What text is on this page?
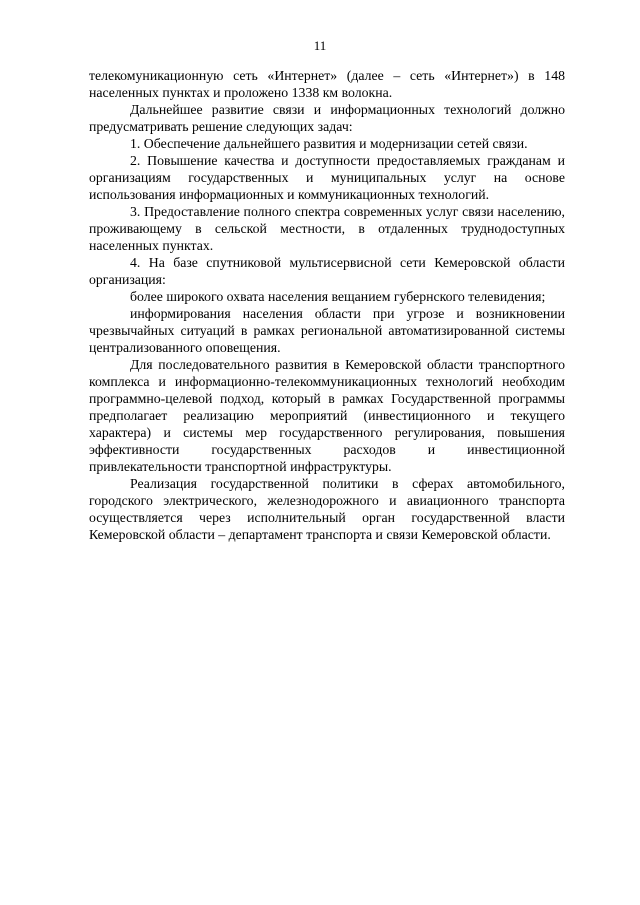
11

телекомуникационную сеть «Интернет» (далее – сеть «Интернет») в 148 населенных пунктах и проложено 1338 км волокна.

Дальнейшее развитие связи и информационных технологий должно предусматривать решение следующих задач:

1. Обеспечение дальнейшего развития и модернизации сетей связи.

2. Повышение качества и доступности предоставляемых гражданам и организациям государственных и муниципальных услуг на основе использования информационных и коммуникационных технологий.

3. Предоставление полного спектра современных услуг связи населению, проживающему в сельской местности, в отдаленных труднодоступных населенных пунктах.

4. На базе спутниковой мультисервисной сети Кемеровской области организация:

более широкого охвата населения вещанием губернского телевидения;

информирования населения области при угрозе и возникновении чрезвычайных ситуаций в рамках региональной автоматизированной системы централизованного оповещения.

Для последовательного развития в Кемеровской области транспортного комплекса и информационно-телекоммуникационных технологий необходим программно-целевой подход, который в рамках Государственной программы предполагает реализацию мероприятий (инвестиционного и текущего характера) и системы мер государственного регулирования, повышения эффективности государственных расходов и инвестиционной привлекательности транспортной инфраструктуры.

Реализация государственной политики в сферах автомобильного, городского электрического, железнодорожного и авиационного транспорта осуществляется через исполнительный орган государственной власти Кемеровской области – департамент транспорта и связи Кемеровской области.
